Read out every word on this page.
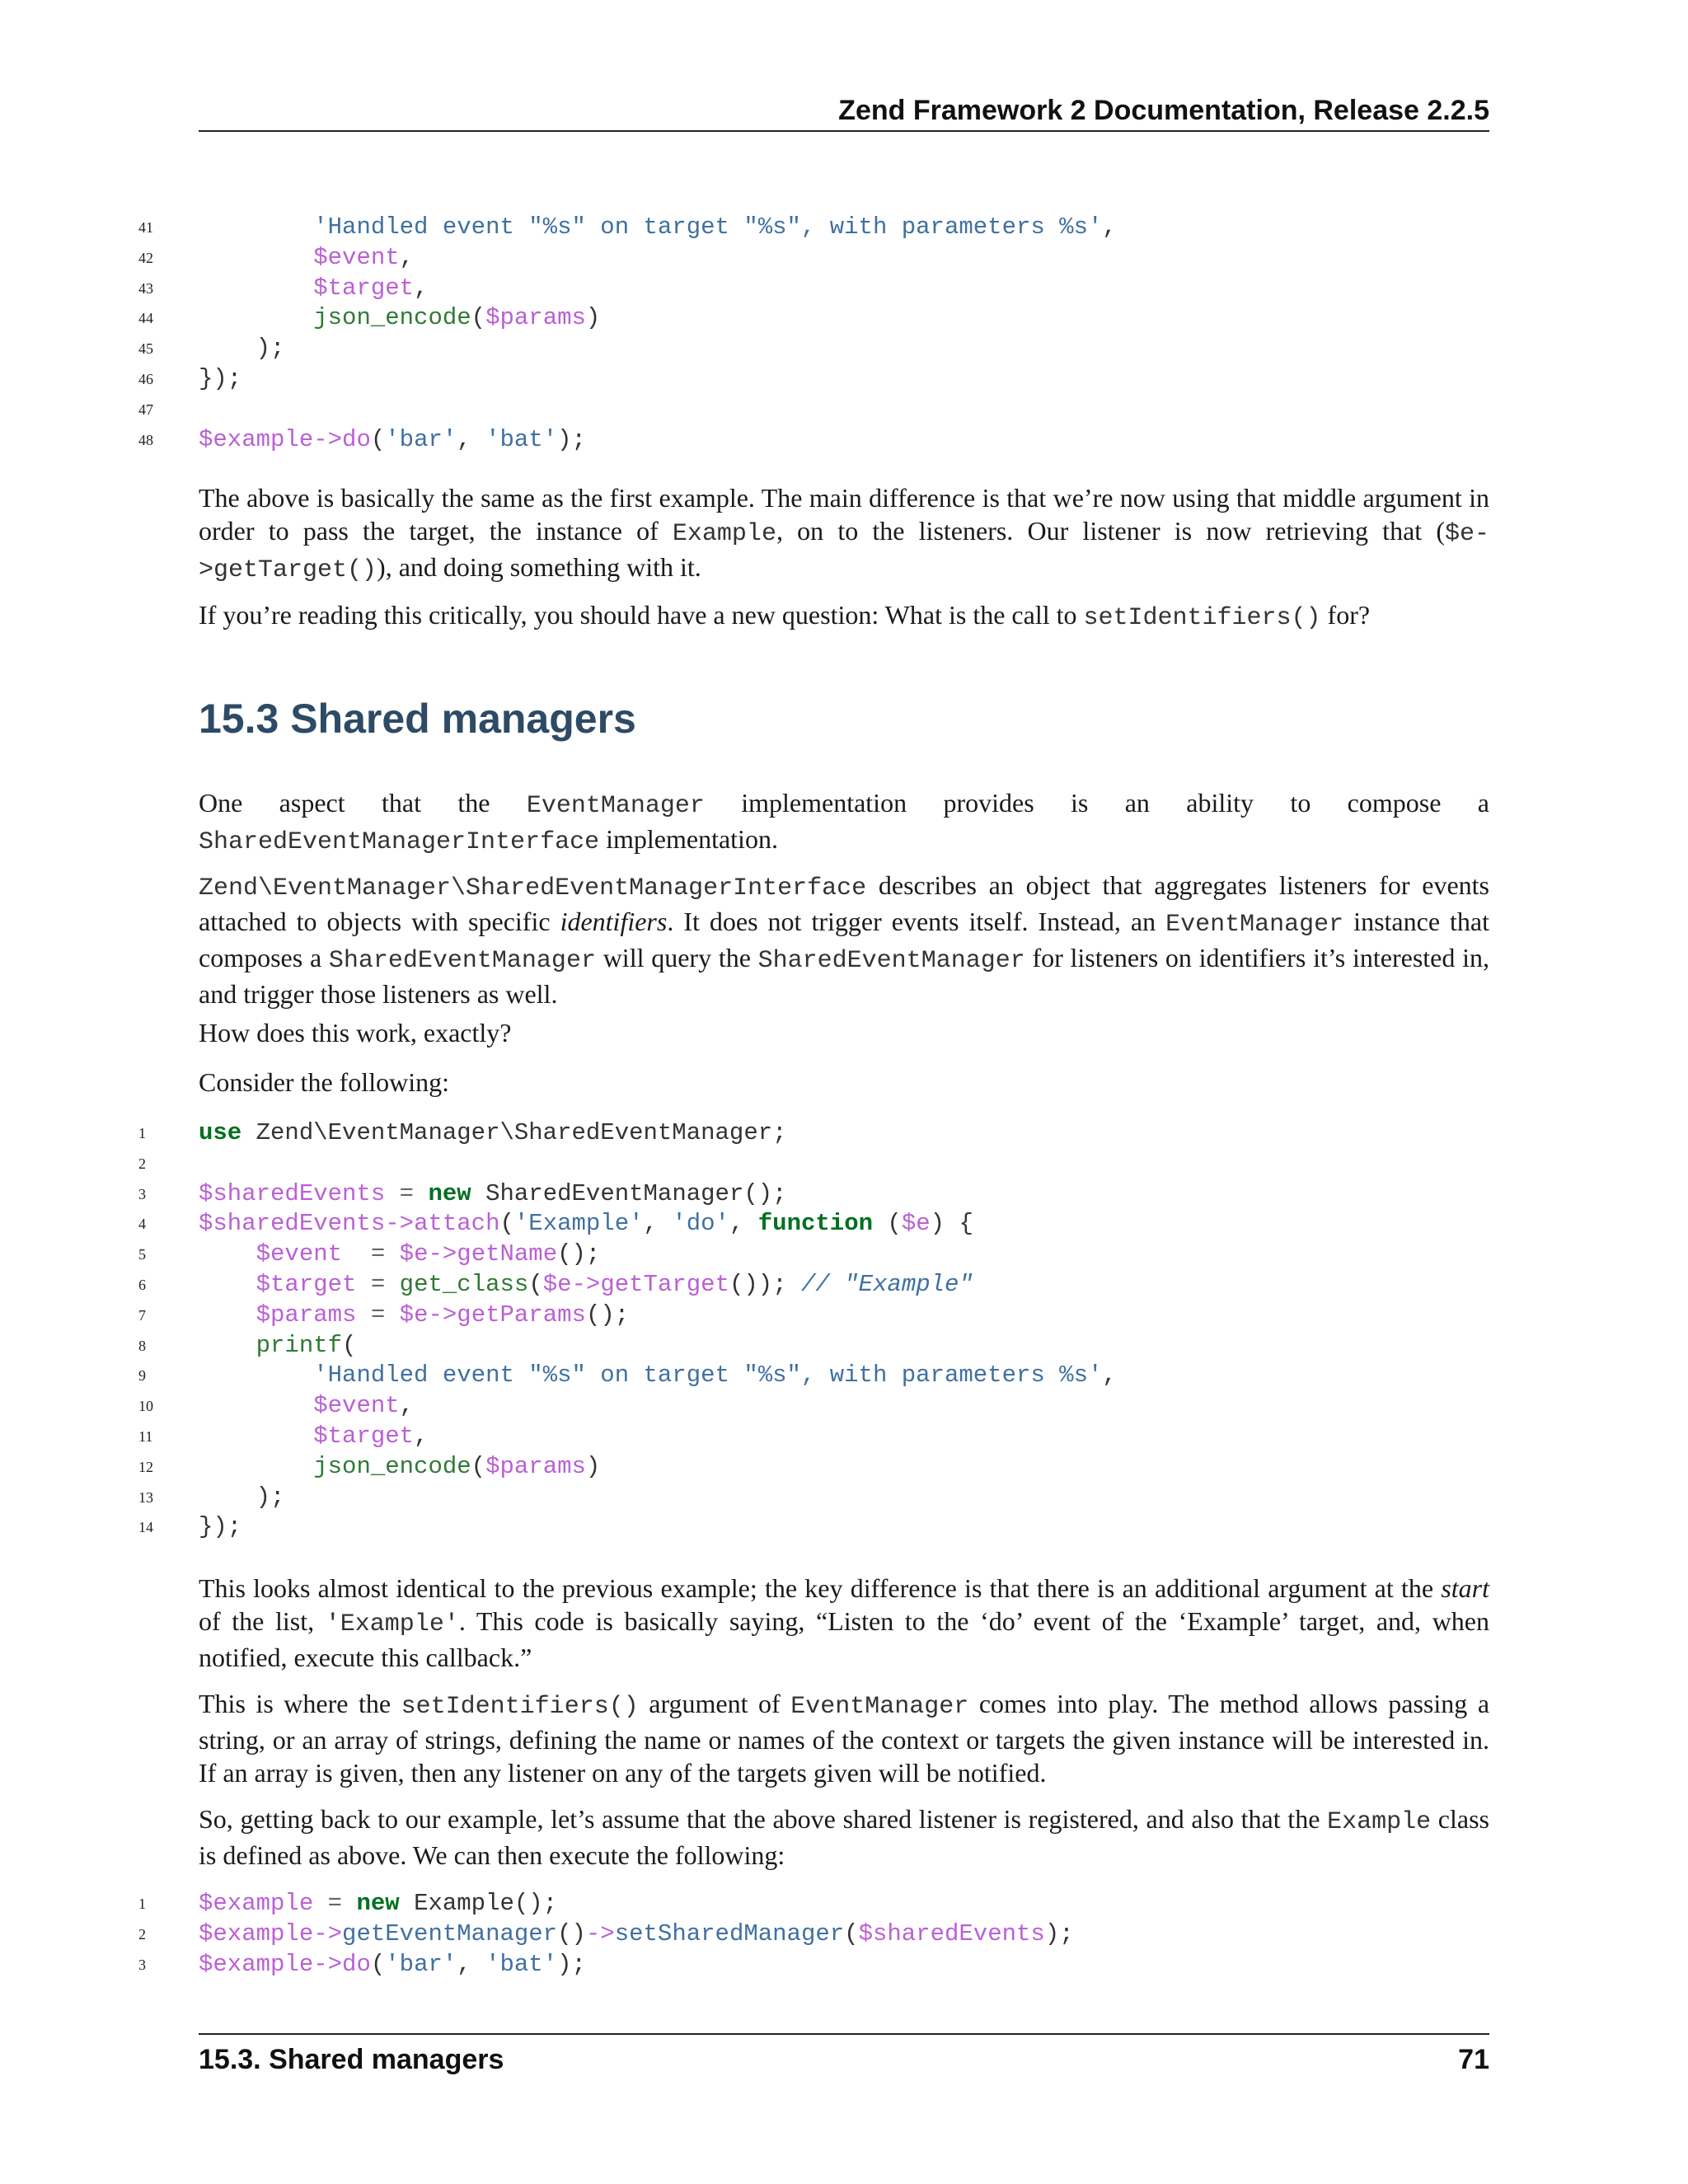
Zend Framework 2 Documentation, Release 2.2.5
41	'Handled event "%s" on target "%s", with parameters %s',
42	$event,
43	$target,
44	json_encode($params)
45	);
46	});
47
48	$example->do('bar', 'bat');

The above is basically the same as the first example. The main difference is that we’re now using that middle argument in order to pass the target, the instance of Example, on to the listeners. Our listener is now retrieving that ($e->getTarget()), and doing something with it.

If you’re reading this critically, you should have a new question: What is the call to setIdentifiers() for?

15.3 Shared managers

One aspect that the EventManager implementation provides is an ability to compose a SharedEventManagerInterface implementation.

Zend\EventManager\SharedEventManagerInterface describes an object that aggregates listeners for events attached to objects with specific identifiers. It does not trigger events itself. Instead, an EventManager instance that composes a SharedEventManager will query the SharedEventManager for listeners on identifiers it’s interested in, and trigger those listeners as well.

How does this work, exactly?

Consider the following:

1	use Zend\EventManager\SharedEventManager;
2
3	$sharedEvents = new SharedEventManager();
4	$sharedEvents->attach('Example', 'do', function ($e) {
5	$event  = $e->getName();
6	$target = get_class($e->getTarget()); // "Example"
7	$params = $e->getParams();
8	printf(
9	'Handled event "%s" on target "%s", with parameters %s',
10	$event,
11	$target,
12	json_encode($params)
13	);
14	});

This looks almost identical to the previous example; the key difference is that there is an additional argument at the start of the list, 'Example'. This code is basically saying, “Listen to the ‘do’ event of the ‘Example’ target, and, when notified, execute this callback.”

This is where the setIdentifiers() argument of EventManager comes into play. The method allows passing a string, or an array of strings, defining the name or names of the context or targets the given instance will be interested in. If an array is given, then any listener on any of the targets given will be notified.

So, getting back to our example, let’s assume that the above shared listener is registered, and also that the Example class is defined as above. We can then execute the following:

1	$example = new Example();
2	$example->getEventManager()->setSharedManager($sharedEvents);
3	$example->do('bar', 'bat');
15.3. Shared managers	71
